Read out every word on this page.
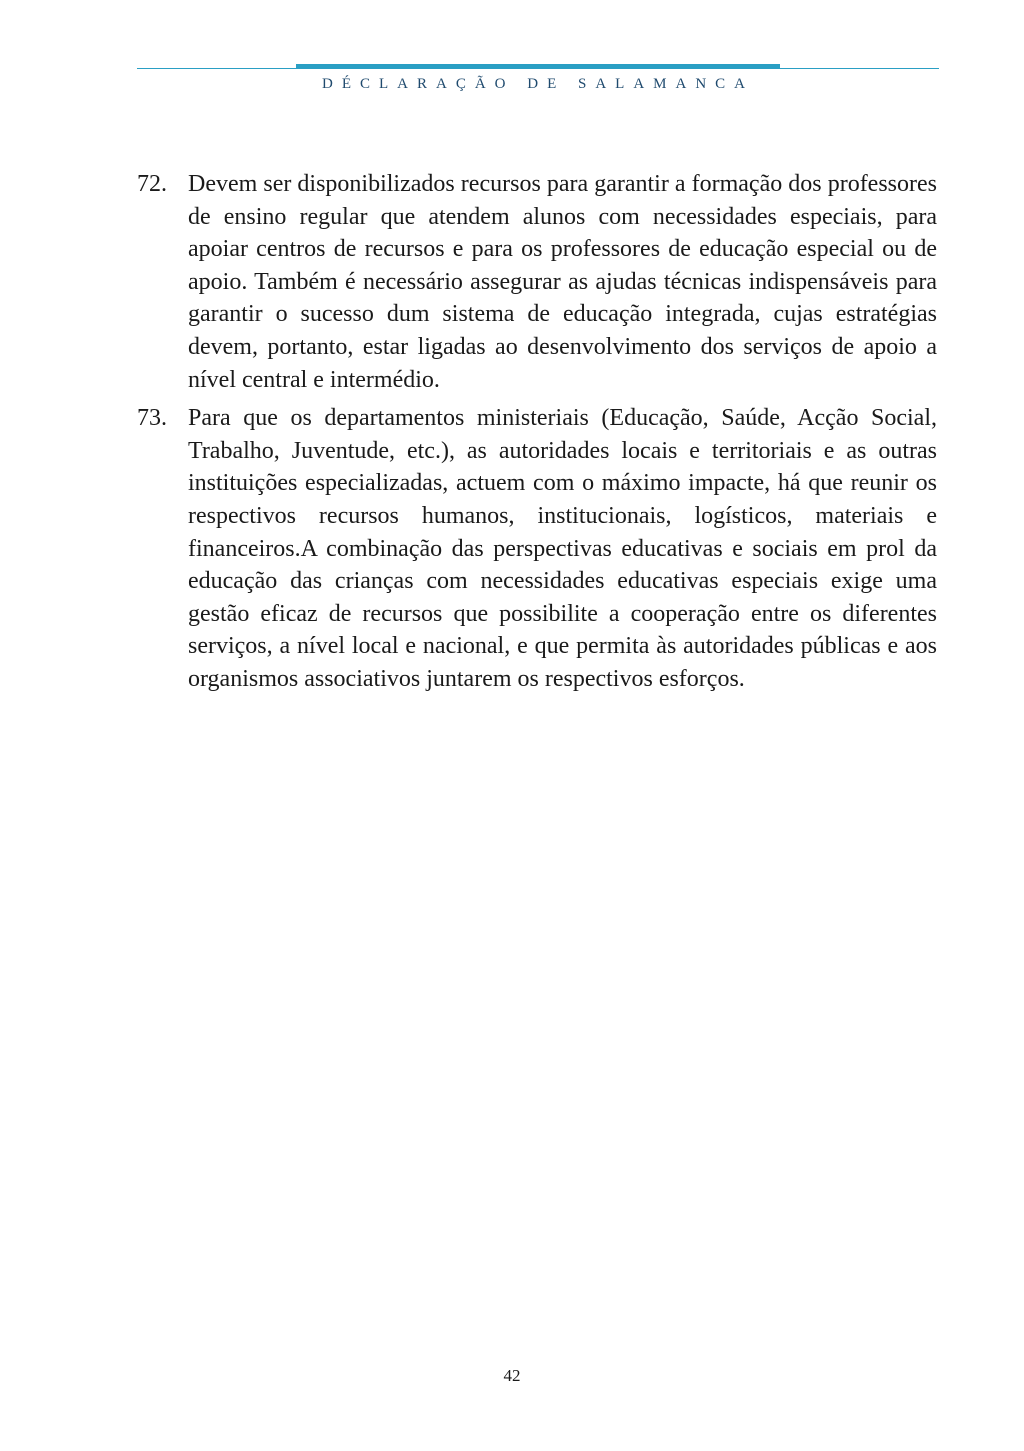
DÉCLARAÇÃO DE SALAMANCA
72. Devem ser disponibilizados recursos para garantir a formação dos professores de ensino regular que atendem alunos com necessidades especiais, para apoiar centros de recursos e para os professores de educação especial ou de apoio. Também é necessário assegurar as ajudas técnicas indispensáveis para garantir o sucesso dum sistema de educação integrada, cujas estratégias devem, portanto, estar ligadas ao desenvolvimento dos serviços de apoio a nível central e intermédio.
73. Para que os departamentos ministeriais (Educação, Saúde, Acção Social, Trabalho, Juventude, etc.), as autoridades locais e territoriais e as outras instituições especializadas, actuem com o máximo impacte, há que reunir os respectivos recursos humanos, institucionais, logísticos, materiais e financeiros.A combinação das perspectivas educativas e sociais em prol da educação das crianças com necessidades educativas especiais exige uma gestão eficaz de recursos que possibilite a cooperação entre os diferentes serviços, a nível local e nacional, e que permita às autoridades públicas e aos organismos associativos juntarem os respectivos esforços.
42
